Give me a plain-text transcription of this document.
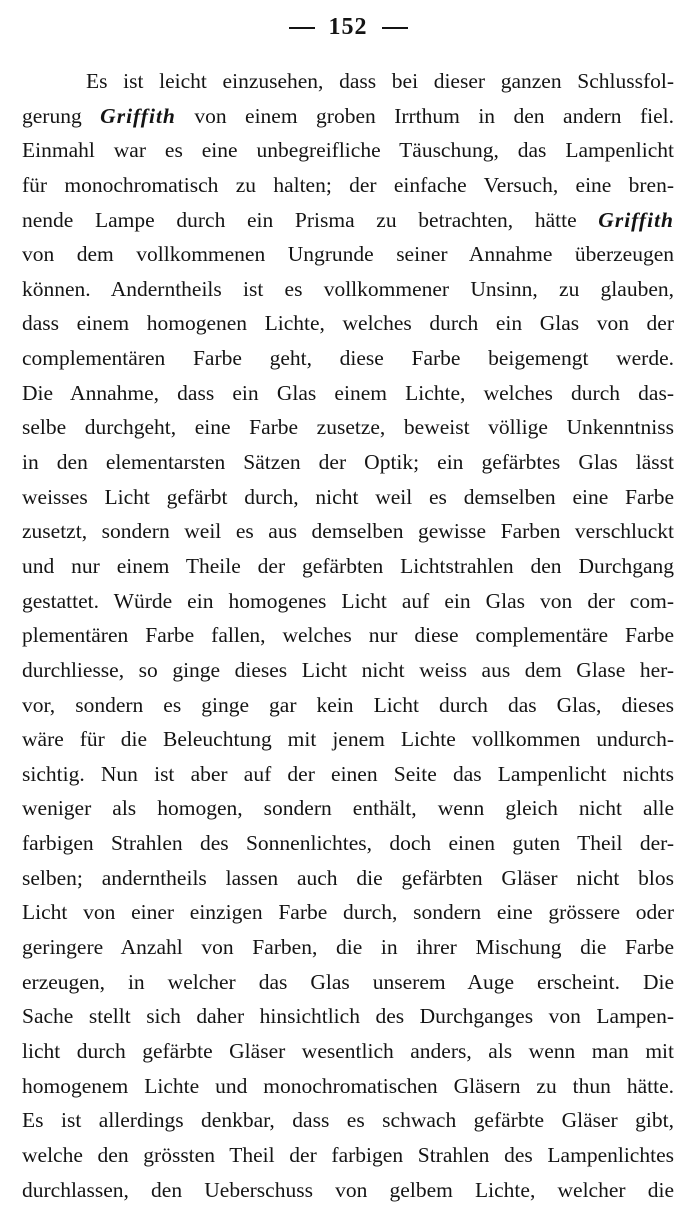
152
Es ist leicht einzusehen, dass bei dieser ganzen Schlussfol-
gerung Griffith von einem groben Irrthum in den andern fiel.
Einmahl war es eine unbegreifliche Täuschung, das Lampenlicht
für monochromatisch zu halten; der einfache Versuch, eine bren-
nende Lampe durch ein Prisma zu betrachten, hätte Griffith
von dem vollkommenen Ungrunde seiner Annahme überzeugen
können. Anderntheils ist es vollkommener Unsinn, zu glauben,
dass einem homogenen Lichte, welches durch ein Glas von der
complementären Farbe geht, diese Farbe beigemengt werde.
Die Annahme, dass ein Glas einem Lichte, welches durch das-
selbe durchgeht, eine Farbe zusetze, beweist völlige Unkenntniss
in den elementarsten Sätzen der Optik; ein gefärbtes Glas lässt
weisses Licht gefärbt durch, nicht weil es demselben eine Farbe
zusetzt, sondern weil es aus demselben gewisse Farben verschluckt
und nur einem Theile der gefärbten Lichtstrahlen den Durchgang
gestattet. Würde ein homogenes Licht auf ein Glas von der com-
plementären Farbe fallen, welches nur diese complementäre Farbe
durchliesse, so ginge dieses Licht nicht weiss aus dem Glase her-
vor, sondern es ginge gar kein Licht durch das Glas, dieses
wäre für die Beleuchtung mit jenem Lichte vollkommen undurch-
sichtig. Nun ist aber auf der einen Seite das Lampenlicht nichts
weniger als homogen, sondern enthält, wenn gleich nicht alle
farbigen Strahlen des Sonnenlichtes, doch einen guten Theil der-
selben; anderntheils lassen auch die gefärbten Gläser nicht blos
Licht von einer einzigen Farbe durch, sondern eine grössere oder
geringere Anzahl von Farben, die in ihrer Mischung die Farbe
erzeugen, in welcher das Glas unserem Auge erscheint. Die
Sache stellt sich daher hinsichtlich des Durchganges von Lampen-
licht durch gefärbte Gläser wesentlich anders, als wenn man mit
homogenem Lichte und monochromatischen Gläsern zu thun hätte.
Es ist allerdings denkbar, dass es schwach gefärbte Gläser gibt,
welche den grössten Theil der farbigen Strahlen des Lampenlichtes
durchlassen, den Ueberschuss von gelbem Lichte, welcher die
